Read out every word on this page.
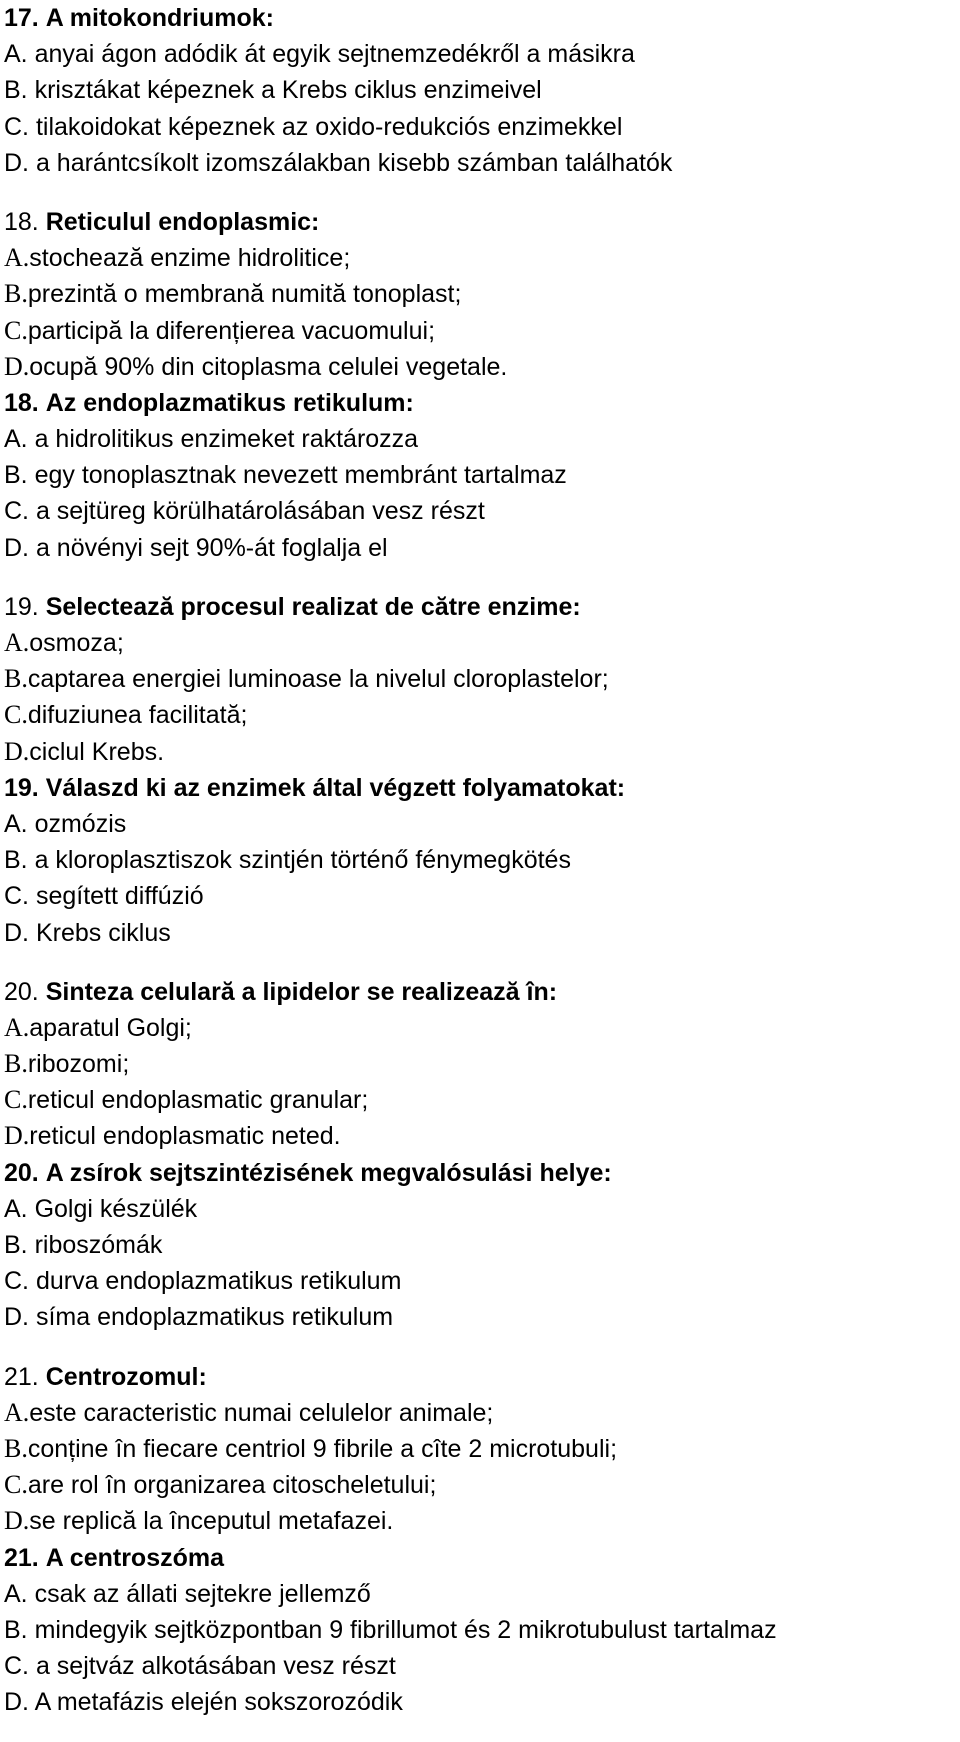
17. A mitokondriumok:
A. anyai ágon adódik át egyik sejtnemzedékről a másikra
B. krisztákat képeznek a Krebs ciklus enzimeivel
C. tilakoidokat képeznek az oxido-redukciós enzimekkel
D. a harántcsíkolt izomszálakban kisebb számban találhatók
18. Reticulul endoplasmic:
A.stochează enzime hidrolitice;
B.prezintă o membrană numită tonoplast;
C.participă la diferențierea vacuomului;
D.ocupă 90% din citoplasma celulei vegetale.
18. Az endoplazmatikus retikulum:
A. a hidrolitikus enzimeket raktározza
B. egy tonoplasztnak nevezett membránt tartalmaz
C. a sejtüreg körülhatárolásában vesz részt
D. a növényi sejt 90%-át foglalja el
19. Selectează procesul realizat de către enzime:
A.osmoza;
B.captarea energiei luminoase la nivelul cloroplastelor;
C.difuziunea facilitată;
D.ciclul Krebs.
19. Válaszd ki az enzimek által végzett folyamatokat:
A. ozmózis
B. a kloroplasztiszok szintjén történő fénymegkötés
C. segített diffúzió
D. Krebs ciklus
20. Sinteza celulară a lipidelor se realizează în:
A.aparatul Golgi;
B.ribozomi;
C.reticul endoplasmatic granular;
D.reticul endoplasmatic neted.
20. A zsírok sejtszintézisének megvalósulási helye:
A. Golgi készülék
B. riboszómák
C. durva endoplazmatikus retikulum
D. síma endoplazmatikus retikulum
21. Centrozomul:
A.este caracteristic numai celulelor animale;
B.conține în fiecare centriol 9 fibrile a cîte 2 microtubuli;
C.are rol în organizarea citoscheletului;
D.se replică la începutul metafazei.
21. A centroszóma
A. csak az állati sejtekre jellemző
B. mindegyik sejtközpontban 9 fibrillumot és 2 mikrotubulust tartalmaz
C. a sejtváz alkotásában vesz részt
D. A metafázis elején sokszorozódik
